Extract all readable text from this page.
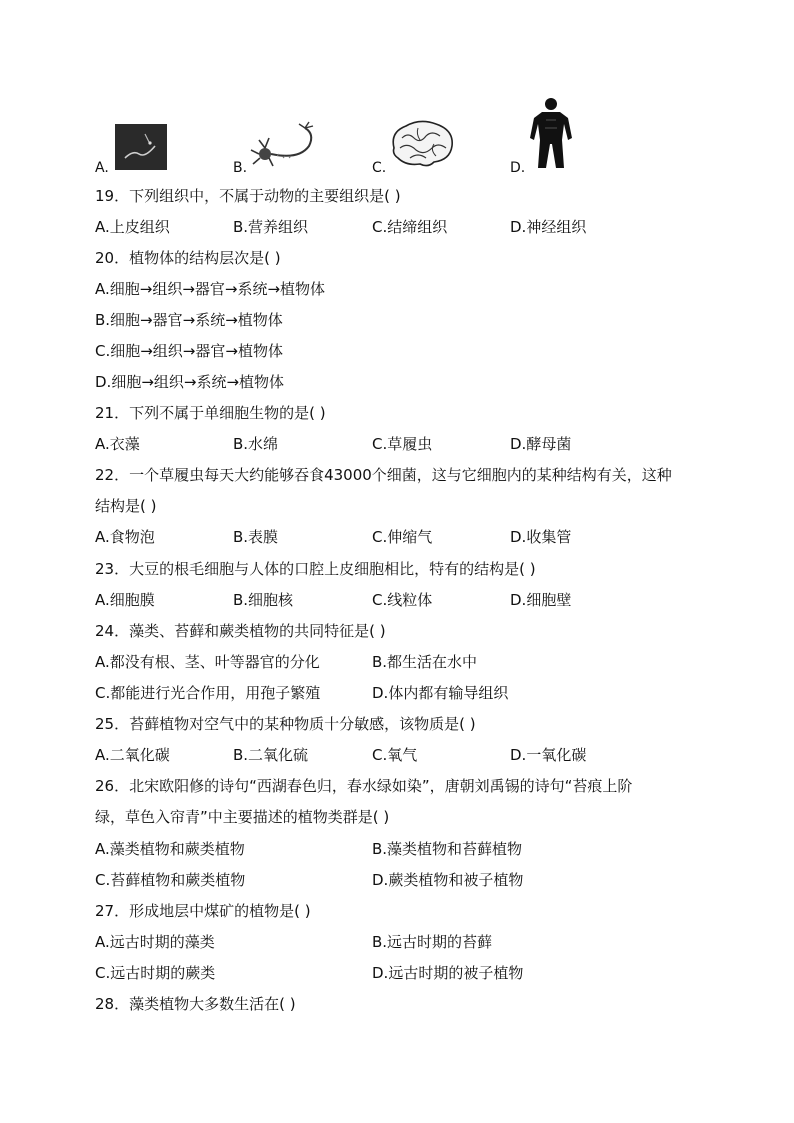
A.	B.	C.	D.
19．下列组织中，不属于动物的主要组织是( )
A.上皮组织	B.营养组织	C.结缔组织	D.神经组织
20．植物体的结构层次是( )
A.细胞→组织→器官→系统→植物体
B.细胞→器官→系统→植物体
C.细胞→组织→器官→植物体
D.细胞→组织→系统→植物体
21．下列不属于单细胞生物的是( )
A.衣藻	B.水绵	C.草履虫	D.酵母菌
22．一个草履虫每天大约能够吞食43000个细菌，这与它细胞内的某种结构有关，这种
结构是( )
A.食物泡	B.表膜	C.伸缩气	D.收集管
23．大豆的根毛细胞与人体的口腔上皮细胞相比，特有的结构是( )
A.细胞膜	B.细胞核	C.线粒体	D.细胞壁
24．藻类、苔藓和蕨类植物的共同特征是( )
A.都没有根、茎、叶等器官的分化	B.都生活在水中
C.都能进行光合作用，用孢子繁殖	D.体内都有输导组织
25．苔藓植物对空气中的某种物质十分敏感，该物质是( )
A.二氧化碳	B.二氧化硫	C.氧气	D.一氧化碳
26．北宋欧阳修的诗句“西湖春色归，春水绿如染”，唐朝刘禹锡的诗句“苔痕上阶
绿，草色入帘青”中主要描述的植物类群是( )
A.藻类植物和蕨类植物	B.藻类植物和苔藓植物
C.苔藓植物和蕨类植物	D.蕨类植物和被子植物
27．形成地层中煤矿的植物是( )
A.远古时期的藻类	B.远古时期的苔藓
C.远古时期的蕨类	D.远古时期的被子植物
28．藻类植物大多数生活在( )
